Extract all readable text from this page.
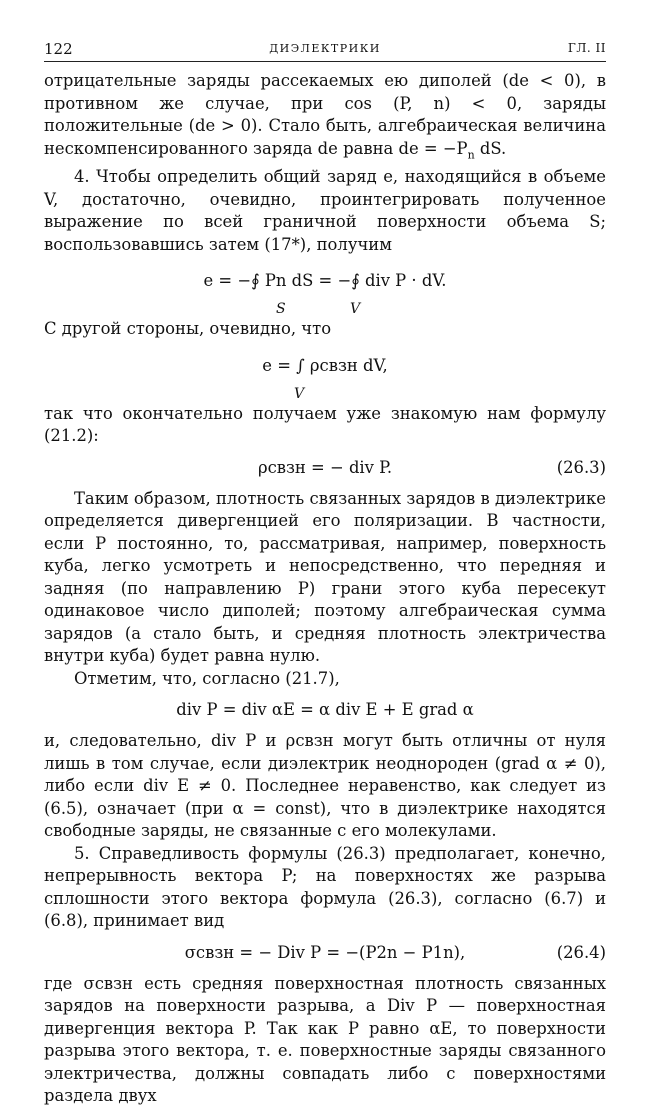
122	ДИЭЛЕКТРИКИ	ГЛ. II

отрицательные заряды рассекаемых ею диполей (de < 0), в противном же случае, при cos (P, n) < 0, заряды положительные (de > 0). Стало быть, алгебраическая величина нескомпенсированного заряда de равна de = $-P_n$ dS.

4. Чтобы определить общий заряд e, находящийся в объеме V, достаточно, очевидно, проинтегрировать полученное выражение по всей граничной поверхности объема S; воспользовавшись затем (17*), получим

e = −∮ Pn dS = −∮ div P · dV.
S	V

С другой стороны, очевидно, что

e = ∫ ρсвзн dV,
V

так что окончательно получаем уже знакомую нам формулу (21.2):

ρсвзн = − div P.	(26.3)

Таким образом, плотность связанных зарядов в диэлектрике определяется дивергенцией его поляризации. В частности, если P постоянно, то, рассматривая, например, поверхность куба, легко усмотреть и непосредственно, что передняя и задняя (по направлению P) грани этого куба пересекут одинаковое число диполей; поэтому алгебраическая сумма зарядов (а стало быть, и средняя плотность электричества внутри куба) будет равна нулю.

Отметим, что, согласно (21.7),

div P = div αE = α div E + E grad α

и, следовательно, div P и ρсвзн могут быть отличны от нуля лишь в том случае, если диэлектрик неоднороден (grad α ≠ 0), либо если div E ≠ 0. Последнее неравенство, как следует из (6.5), означает (при α = const), что в диэлектрике находятся свободные заряды, не связанные с его молекулами.

5. Справедливость формулы (26.3) предполагает, конечно, непрерывность вектора P; на поверхностях же разрыва сплошности этого вектора формула (26.3), согласно (6.7) и (6.8), принимает вид

σсвзн = − Div P = −(P2n − P1n),	(26.4)

где σсвзн есть средняя поверхностная плотность связанных зарядов на поверхности разрыва, а Div P — поверхностная дивергенция вектора P. Так как P равно αE, то поверхности разрыва этого вектора, т. е. поверхностные заряды связанного электричества, должны совпадать либо с поверхностями раздела двух
